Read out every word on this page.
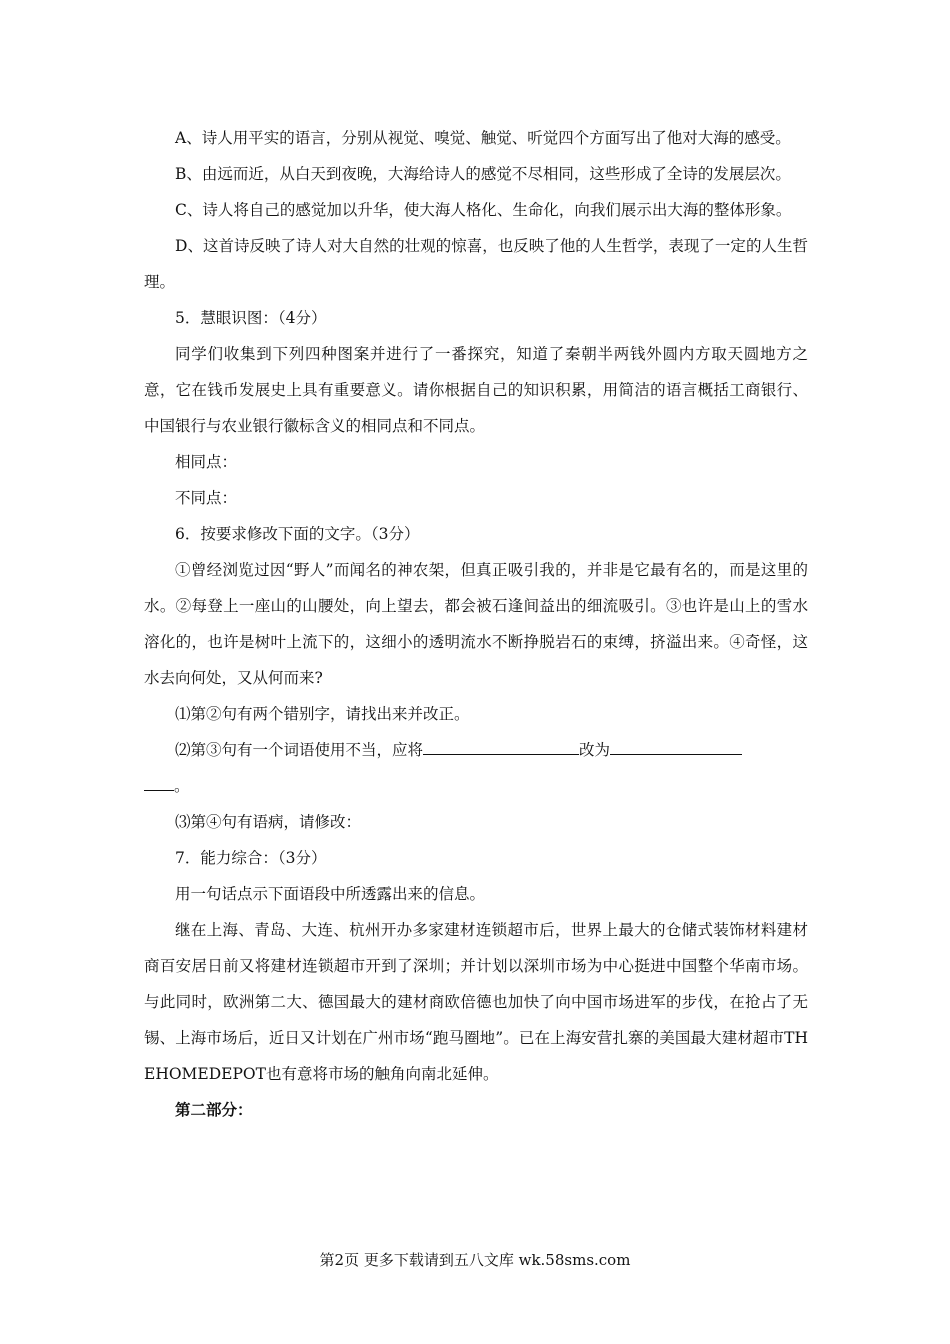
A、诗人用平实的语言，分别从视觉、嗅觉、触觉、听觉四个方面写出了他对大海的感受。

B、由远而近，从白天到夜晚，大海给诗人的感觉不尽相同，这些形成了全诗的发展层次。

C、诗人将自己的感觉加以升华，使大海人格化、生命化，向我们展示出大海的整体形象。

D、这首诗反映了诗人对大自然的壮观的惊喜，也反映了他的人生哲学，表现了一定的人生哲理。

5．慧眼识图：（4分）

同学们收集到下列四种图案并进行了一番探究，知道了秦朝半两钱外圆内方取天圆地方之意，它在钱币发展史上具有重要意义。请你根据自己的知识积累，用简洁的语言概括工商银行、中国银行与农业银行徽标含义的相同点和不同点。

相同点：

不同点：

6．按要求修改下面的文字。（3分）

①曾经浏览过因“野人”而闻名的神农架，但真正吸引我的，并非是它最有名的，而是这里的水。②每登上一座山的山腰处，向上望去，都会被石逢间益出的细流吸引。③也许是山上的雪水溶化的，也许是树叶上流下的，这细小的透明流水不断挣脱岩石的束缚，挤溢出来。④奇怪，这水去向何处，又从何而来?

⑴第②句有两个错别字，请找出来并改正。

⑵第③句有一个词语使用不当，应将	改为

。

⑶第④句有语病，请修改：

7．能力综合：（3分）

用一句话点示下面语段中所透露出来的信息。

继在上海、青岛、大连、杭州开办多家建材连锁超市后，世界上最大的仓储式装饰材料建材商百安居日前又将建材连锁超市开到了深圳；并计划以深圳市场为中心挺进中国整个华南市场。与此同时，欧洲第二大、德国最大的建材商欧倍德也加快了向中国市场进军的步伐，在抢占了无锡、上海市场后，近日又计划在广州市场“跑马圈地”。已在上海安营扎寨的美国最大建材超市THEHOMEDEPOT也有意将市场的触角向南北延伸。

第二部分：

第2页 更多下载请到五八文库 wk.58sms.com
